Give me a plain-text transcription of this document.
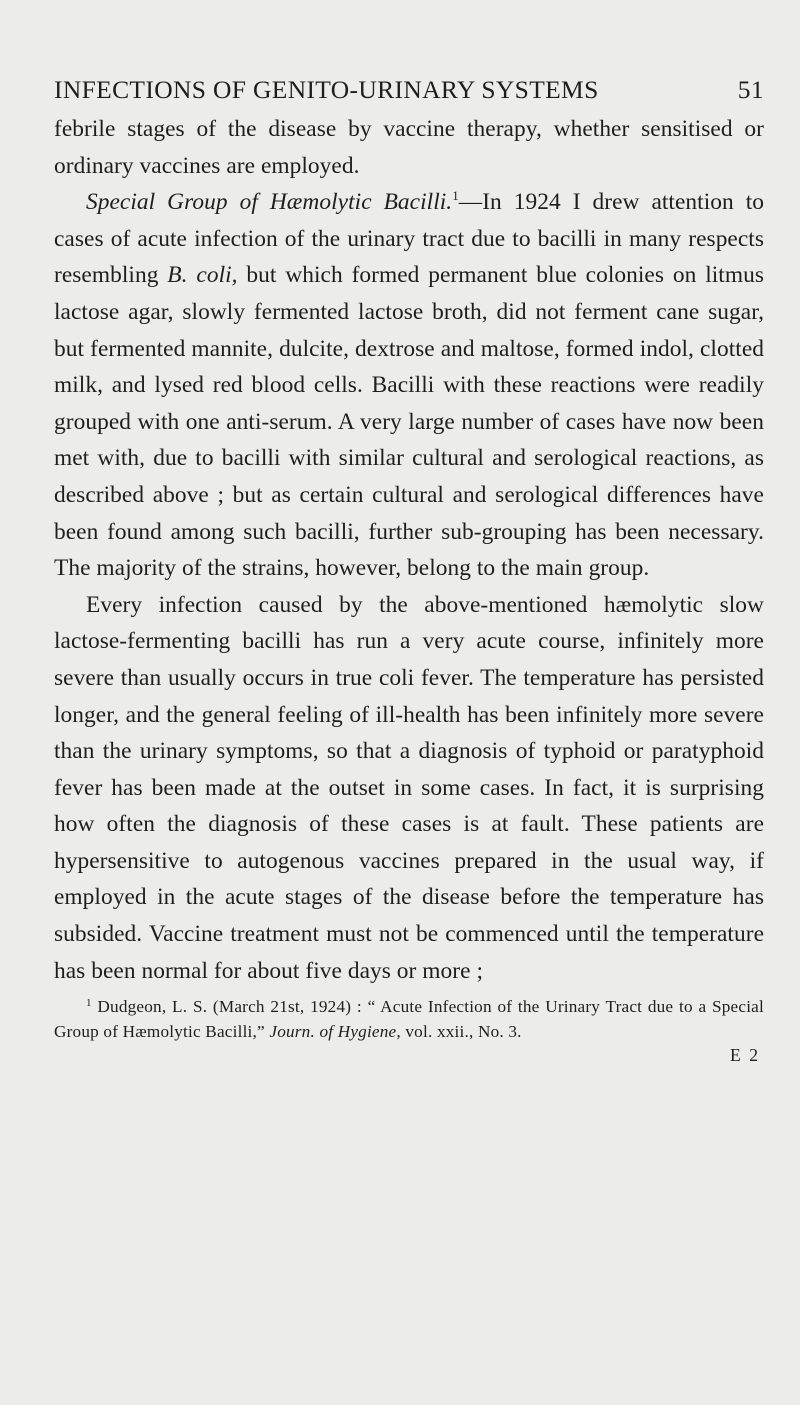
INFECTIONS OF GENITO-URINARY SYSTEMS	51

febrile stages of the disease by vaccine therapy, whether sensitised or ordinary vaccines are employed.

Special Group of Hæmolytic Bacilli.$^1$—In 1924 I drew attention to cases of acute infection of the urinary tract due to bacilli in many respects resembling B. coli, but which formed permanent blue colonies on litmus lactose agar, slowly fermented lactose broth, did not ferment cane sugar, but fermented mannite, dulcite, dextrose and maltose, formed indol, clotted milk, and lysed red blood cells. Bacilli with these reactions were readily grouped with one anti-serum. A very large number of cases have now been met with, due to bacilli with similar cultural and serological reactions, as described above ; but as certain cultural and serological differences have been found among such bacilli, further sub-grouping has been necessary. The majority of the strains, however, belong to the main group.

Every infection caused by the above-mentioned hæmolytic slow lactose-fermenting bacilli has run a very acute course, infinitely more severe than usually occurs in true coli fever. The temperature has persisted longer, and the general feeling of ill-health has been infinitely more severe than the urinary symptoms, so that a diagnosis of typhoid or paratyphoid fever has been made at the outset in some cases. In fact, it is surprising how often the diagnosis of these cases is at fault. These patients are hypersensitive to autogenous vaccines prepared in the usual way, if employed in the acute stages of the disease before the temperature has subsided. Vaccine treatment must not be commenced until the temperature has been normal for about five days or more ;

$^1$ Dudgeon, L. S. (March 21st, 1924) : “ Acute Infection of the Urinary Tract due to a Special Group of Hæmolytic Bacilli,” Journ. of Hygiene, vol. xxii., No. 3.
E 2
